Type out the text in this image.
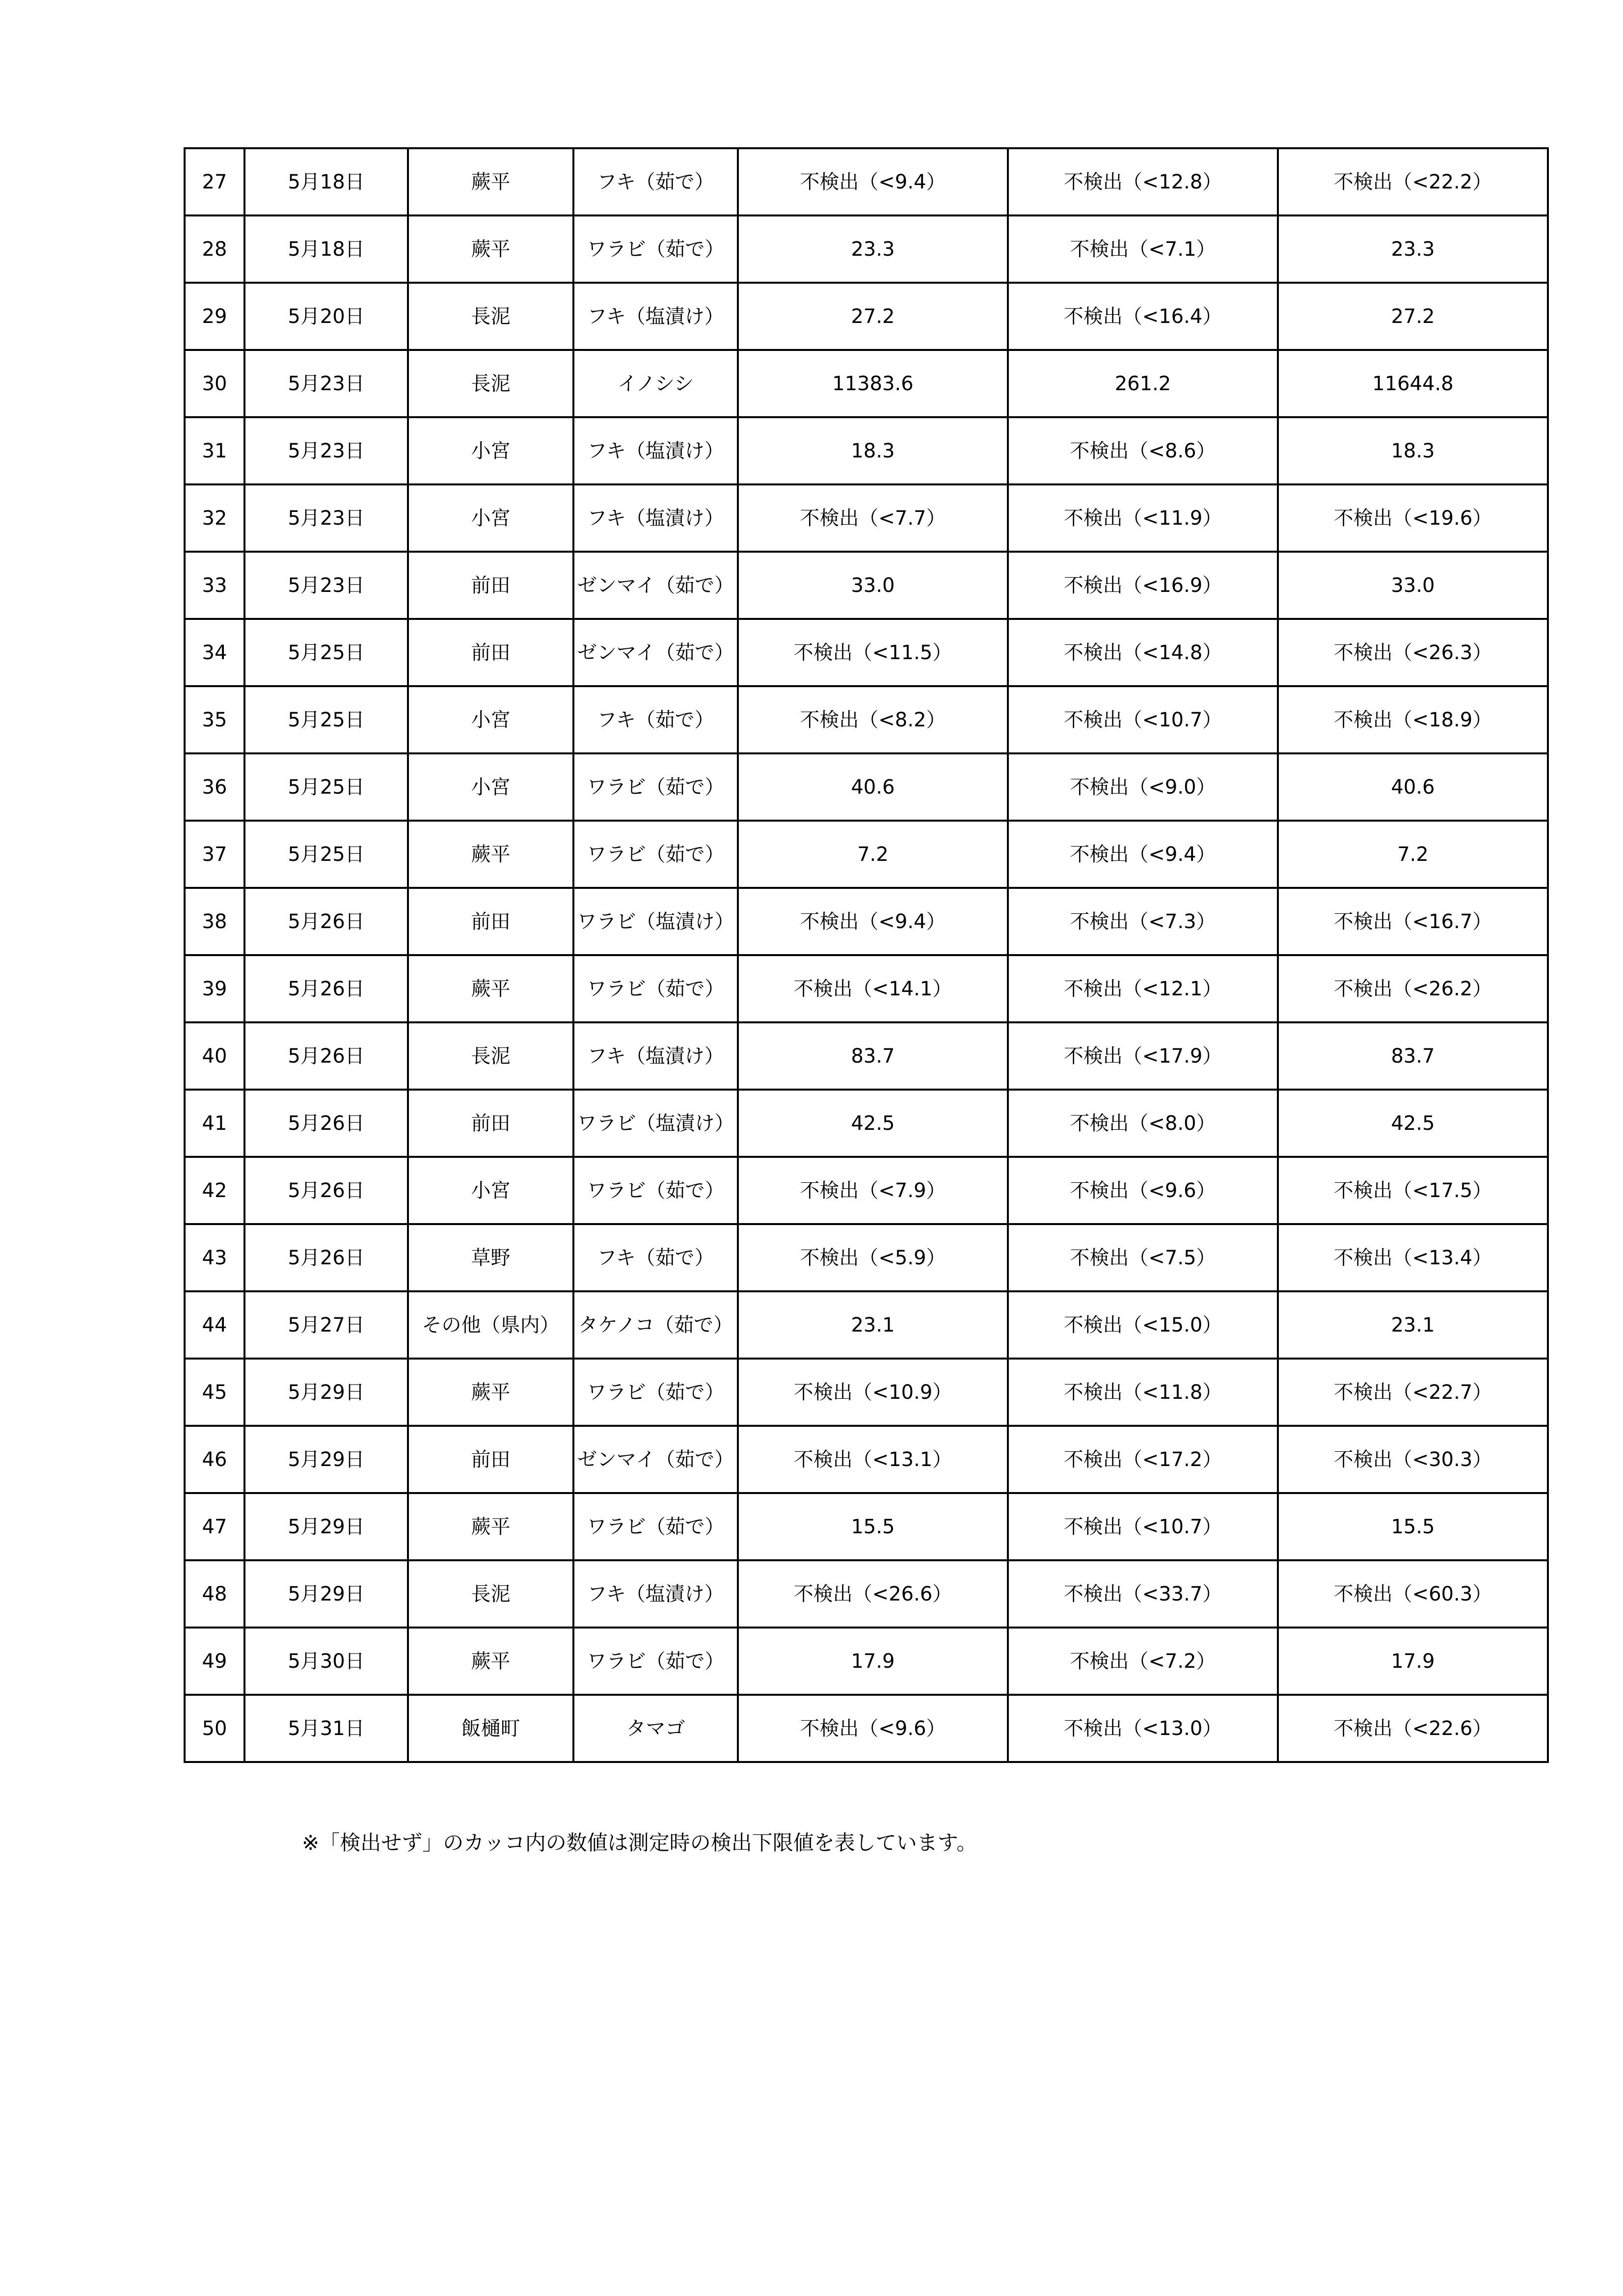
27	5月18日	蕨平	フキ（茹で）	不検出（<9.4）	不検出（<12.8）	不検出（<22.2）
28	5月18日	蕨平	ワラビ（茹で）	23.3	不検出（<7.1）	23.3
29	5月20日	長泥	フキ（塩漬け）	27.2	不検出（<16.4）	27.2
30	5月23日	長泥	イノシシ	11383.6	261.2	11644.8
31	5月23日	小宮	フキ（塩漬け）	18.3	不検出（<8.6）	18.3
32	5月23日	小宮	フキ（塩漬け）	不検出（<7.7）	不検出（<11.9）	不検出（<19.6）
33	5月23日	前田	ゼンマイ（茹で）	33.0	不検出（<16.9）	33.0
34	5月25日	前田	ゼンマイ（茹で）	不検出（<11.5）	不検出（<14.8）	不検出（<26.3）
35	5月25日	小宮	フキ（茹で）	不検出（<8.2）	不検出（<10.7）	不検出（<18.9）
36	5月25日	小宮	ワラビ（茹で）	40.6	不検出（<9.0）	40.6
37	5月25日	蕨平	ワラビ（茹で）	7.2	不検出（<9.4）	7.2
38	5月26日	前田	ワラビ（塩漬け）	不検出（<9.4）	不検出（<7.3）	不検出（<16.7）
39	5月26日	蕨平	ワラビ（茹で）	不検出（<14.1）	不検出（<12.1）	不検出（<26.2）
40	5月26日	長泥	フキ（塩漬け）	83.7	不検出（<17.9）	83.7
41	5月26日	前田	ワラビ（塩漬け）	42.5	不検出（<8.0）	42.5
42	5月26日	小宮	ワラビ（茹で）	不検出（<7.9）	不検出（<9.6）	不検出（<17.5）
43	5月26日	草野	フキ（茹で）	不検出（<5.9）	不検出（<7.5）	不検出（<13.4）
44	5月27日	その他（県内）	タケノコ（茹で）	23.1	不検出（<15.0）	23.1
45	5月29日	蕨平	ワラビ（茹で）	不検出（<10.9）	不検出（<11.8）	不検出（<22.7）
46	5月29日	前田	ゼンマイ（茹で）	不検出（<13.1）	不検出（<17.2）	不検出（<30.3）
47	5月29日	蕨平	ワラビ（茹で）	15.5	不検出（<10.7）	15.5
48	5月29日	長泥	フキ（塩漬け）	不検出（<26.6）	不検出（<33.7）	不検出（<60.3）
49	5月30日	蕨平	ワラビ（茹で）	17.9	不検出（<7.2）	17.9
50	5月31日	飯樋町	タマゴ	不検出（<9.6）	不検出（<13.0）	不検出（<22.6）
※「検出せず」のカッコ内の数値は測定時の検出下限値を表しています。
